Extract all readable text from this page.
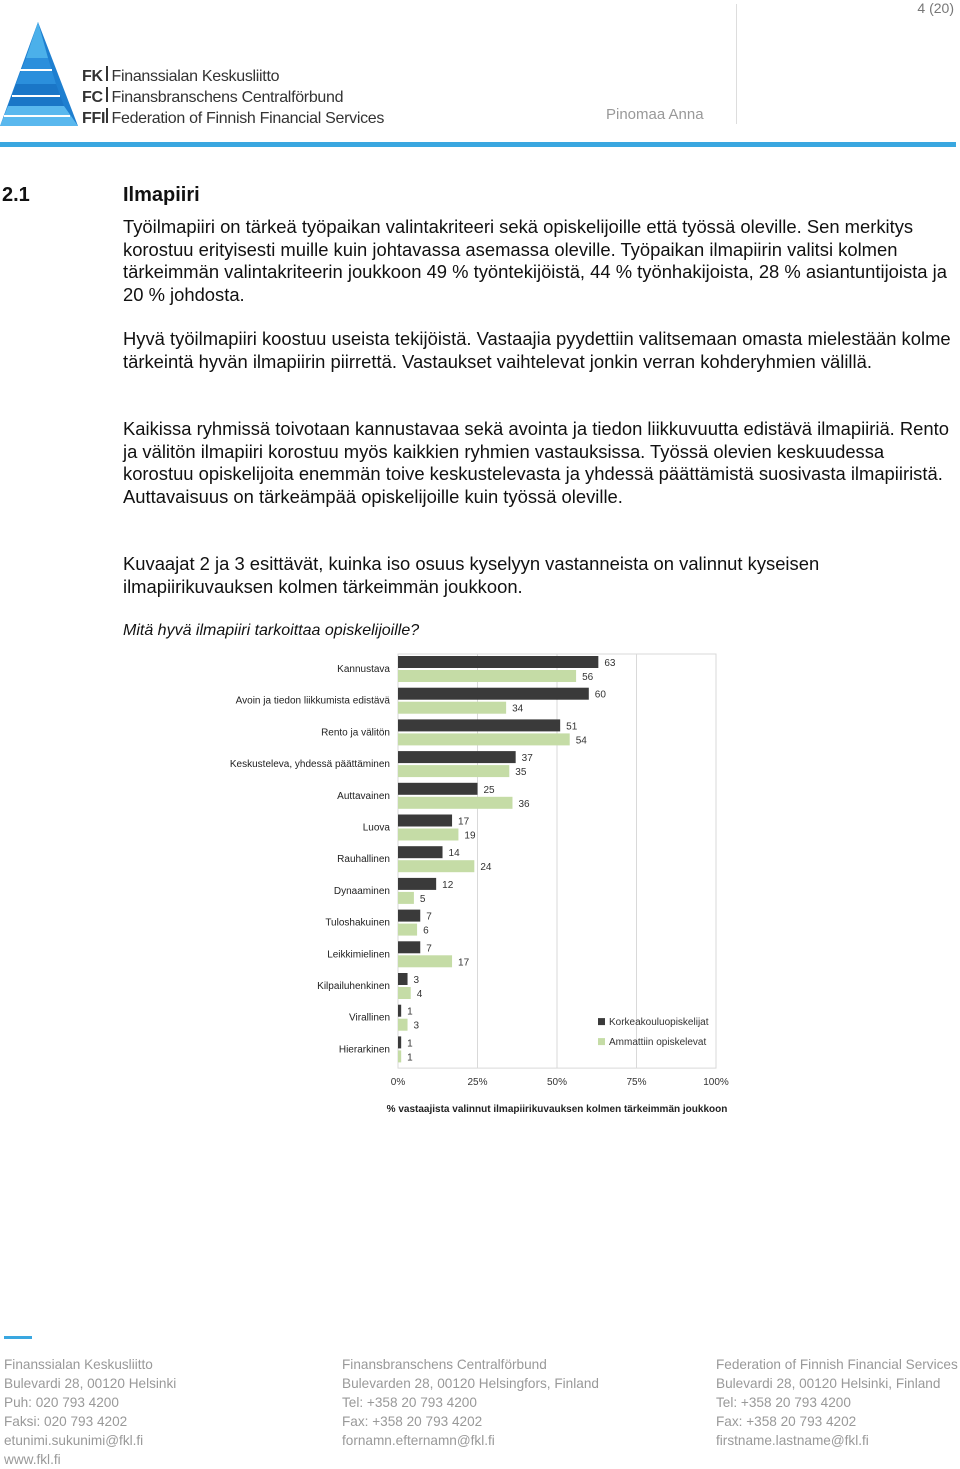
4 (20)
Pinomaa Anna
FK Finanssialan Keskusliitto
FC Finansbranschens Centralförbund
FFI Federation of Finnish Financial Services
2.1	Ilmapiiri

Työilmapiiri on tärkeä työpaikan valintakriteeri sekä opiskelijoille että työssä oleville. Sen merkitys korostuu erityisesti muille kuin johtavassa asemassa oleville. Työpaikan ilmapiirin valitsi kolmen tärkeimmän valintakriteerin joukkoon 49 % työntekijöistä, 44 % työnhakijoista, 28 % asiantuntijoista ja 20 % johdosta.

Hyvä työilmapiiri koostuu useista tekijöistä. Vastaajia pyydettiin valitsemaan omasta mielestään kolme tärkeintä hyvän ilmapiirin piirrettä. Vastaukset vaihtelevat jonkin verran kohderyhmien välillä.

Kaikissa ryhmissä toivotaan kannustavaa sekä avointa ja tiedon liikkuvuutta edistävä ilmapiiriä. Rento ja välitön ilmapiiri korostuu myös kaikkien ryhmien vastauksissa. Työssä olevien keskuudessa korostuu opiskelijoita enemmän toive keskustelevasta ja yhdessä päättämistä suosivasta ilmapiiristä. Auttavaisuus on tärkeämpää opiskelijoille kuin työssä oleville.

Kuvaajat 2 ja 3 esittävät, kuinka iso osuus kyselyyn vastanneista on valinnut kyseisen ilmapiirikuvauksen kolmen tärkeimmän joukkoon.

Mitä hyvä ilmapiiri tarkoittaa opiskelijoille?

Kannustava
63
56
Avoin ja tiedon liikkumista edistävä
60
34
Rento ja välitön
51
54
Keskusteleva, yhdessä päättäminen
37
35
Auttavainen
25
36
Luova
17
19
Rauhallinen
14
24
Dynaaminen
12
5
Tuloshakuinen
7
6
Leikkimielinen
7
17
Kilpailuhenkinen
3
4
Virallinen
1
3
Hierarkinen
1
1
0%	25%	50%	75%	100%
% vastaajista valinnut ilmapiirikuvauksen kolmen tärkeimmän joukkoon
Korkeakouluopiskelijat
Ammattiin opiskelevat
Finanssialan Keskusliitto
Bulevardi 28, 00120 Helsinki
Puh: 020 793 4200
Faksi: 020 793 4202
etunimi.sukunimi@fkl.fi
www.fkl.fi
Finansbranschens Centralförbund
Bulevarden 28, 00120 Helsingfors, Finland
Tel: +358 20 793 4200
Fax: +358 20 793 4202
fornamn.efternamn@fkl.fi
Federation of Finnish Financial Services
Bulevardi 28, 00120 Helsinki, Finland
Tel: +358 20 793 4200
Fax: +358 20 793 4202
firstname.lastname@fkl.fi
